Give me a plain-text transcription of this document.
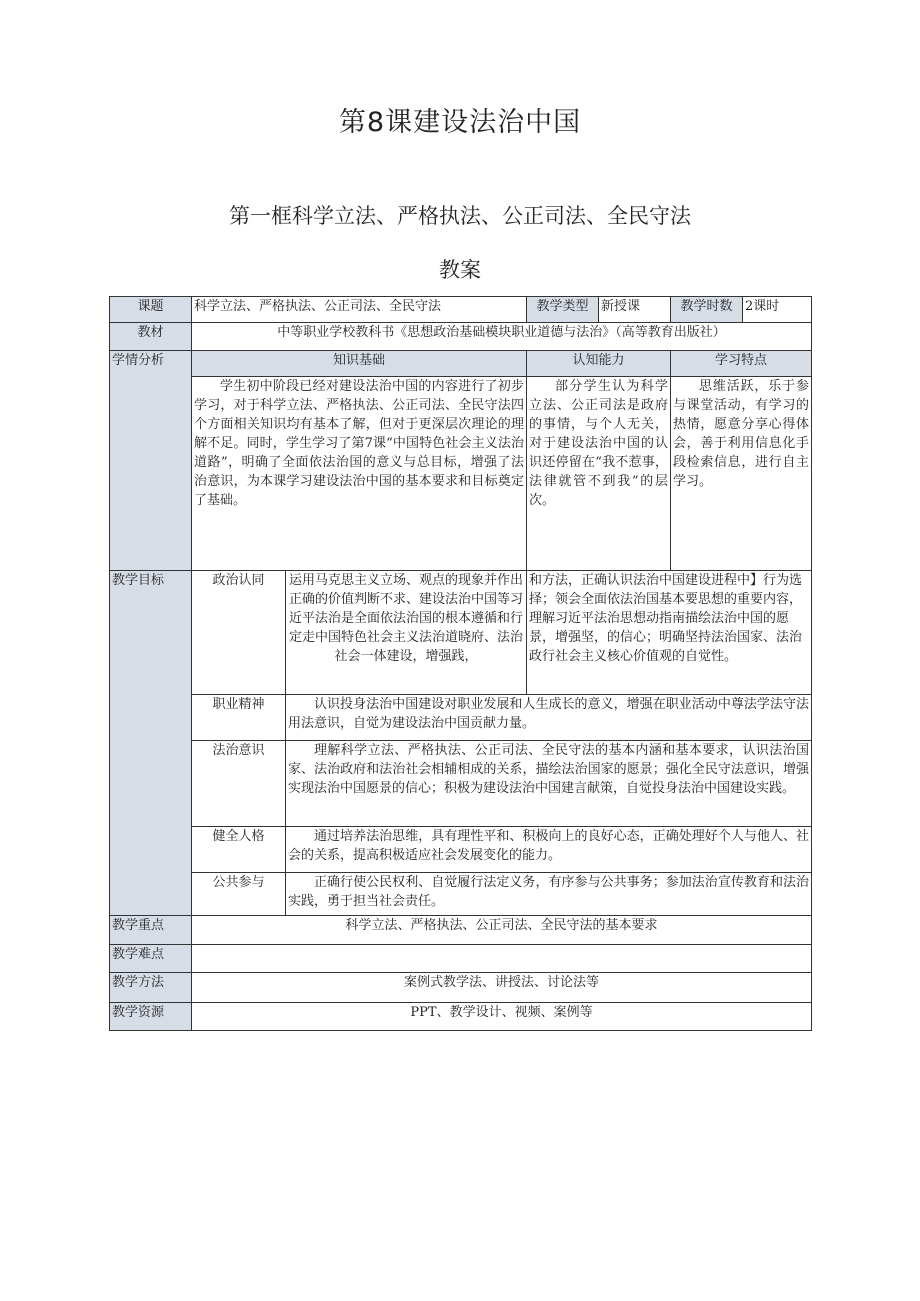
第8课建设法治中国
第一框科学立法、严格执法、公正司法、全民守法
教案
课题	科学立法、严格执法、公正司法、全民守法		教学类型	新授课	教学时数	2课时
教材	中等职业学校教科书《思想政治基础模块职业道德与法治》（高等教育出版社）					
学情分析	知识基础		认知能力		学习特点	
	学生初中阶段已经对建设法治中国的内容进行了初步学习，对于科学立法、严格执法、公正司法、全民守法四个方面相关知识均有基本了解，但对于更深层次理论的理解不足。同时，学生学习了第7课“中国特色社会主义法治道路”，明确了全面依法治国的意义与总目标，增强了法治意识，为本课学习建设法治中国的基本要求和目标奠定了基础。		部分学生认为科学立法、公正司法是政府的事情，与个人无关，对于建设法治中国的认识还停留在“我不惹事，法律就管不到我”的层次。		思维活跃，乐于参与课堂活动，有学习的热情，愿意分享心得体会，善于利用信息化手段检索信息，进行自主学习。	
教学目标	政治认同	运用马克思主义立场、观点的现象并作出正确的价值判断不求、建设法治中国等习近平法治是全面依法治国的根本遵循和行定走中国特色社会主义法治道晓府、法治社会一体建设，增强践，	和方法，正确认识法治中国建设进程中】行为选择；领会全面依法治国基本要思想的重要内容，理解习近平法治思想动指南描绘法治中国的愿景，增强坚，的信心；明确坚持法治国家、法治政行社会主义核心价值观的自觉性。			
	职业精神	认识投身法治中国建设对职业发展和人生成长的意义，增强在职业活动中尊法学法守法用法意识，自觉为建设法治中国贡献力量。				
	法治意识	理解科学立法、严格执法、公正司法、全民守法的基本内涵和基本要求，认识法治国家、法治政府和法治社会相辅相成的关系，描绘法治国家的愿景；强化全民守法意识，增强实现法治中国愿景的信心；积极为建设法治中国建言献策，自觉投身法治中国建设实践。				
	健全人格	通过培养法治思维，具有理性平和、积极向上的良好心态，正确处理好个人与他人、社会的关系，提高积极适应社会发展变化的能力。				
	公共参与	正确行使公民权利、自觉履行法定义务，有序参与公共事务；参加法治宣传教育和法治实践，勇于担当社会责任。				
教学重点	科学立法、严格执法、公正司法、全民守法的基本要求					
教学难点						
教学方法	案例式教学法、讲授法、讨论法等					
教学资源	PPT、教学设计、视频、案例等					
